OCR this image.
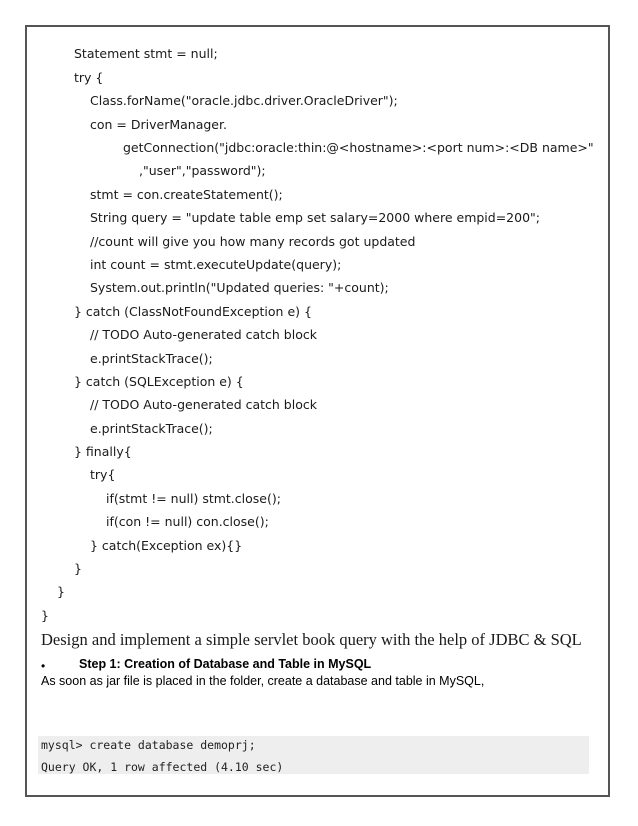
Statement stmt = null;
try {
Class.forName("oracle.jdbc.driver.OracleDriver");
con = DriverManager.
getConnection("jdbc:oracle:thin:@<hostname>:<port num>:<DB name>"
,"user","password");
stmt = con.createStatement();
String query = "update table emp set salary=2000 where empid=200";
//count will give you how many records got updated
int count = stmt.executeUpdate(query);
System.out.println("Updated queries: "+count);
} catch (ClassNotFoundException e) {
// TODO Auto-generated catch block
e.printStackTrace();
} catch (SQLException e) {
// TODO Auto-generated catch block
e.printStackTrace();
} finally{
try{
if(stmt != null) stmt.close();
if(con != null) con.close();
} catch(Exception ex){}
}
}
}
Design and implement a simple servlet book query with the help of JDBC & SQL
•	Step 1: Creation of Database and Table in MySQL
As soon as jar file is placed in the folder, create a database and table in MySQL,
mysql> create database demoprj;
Query OK, 1 row affected (4.10 sec)
